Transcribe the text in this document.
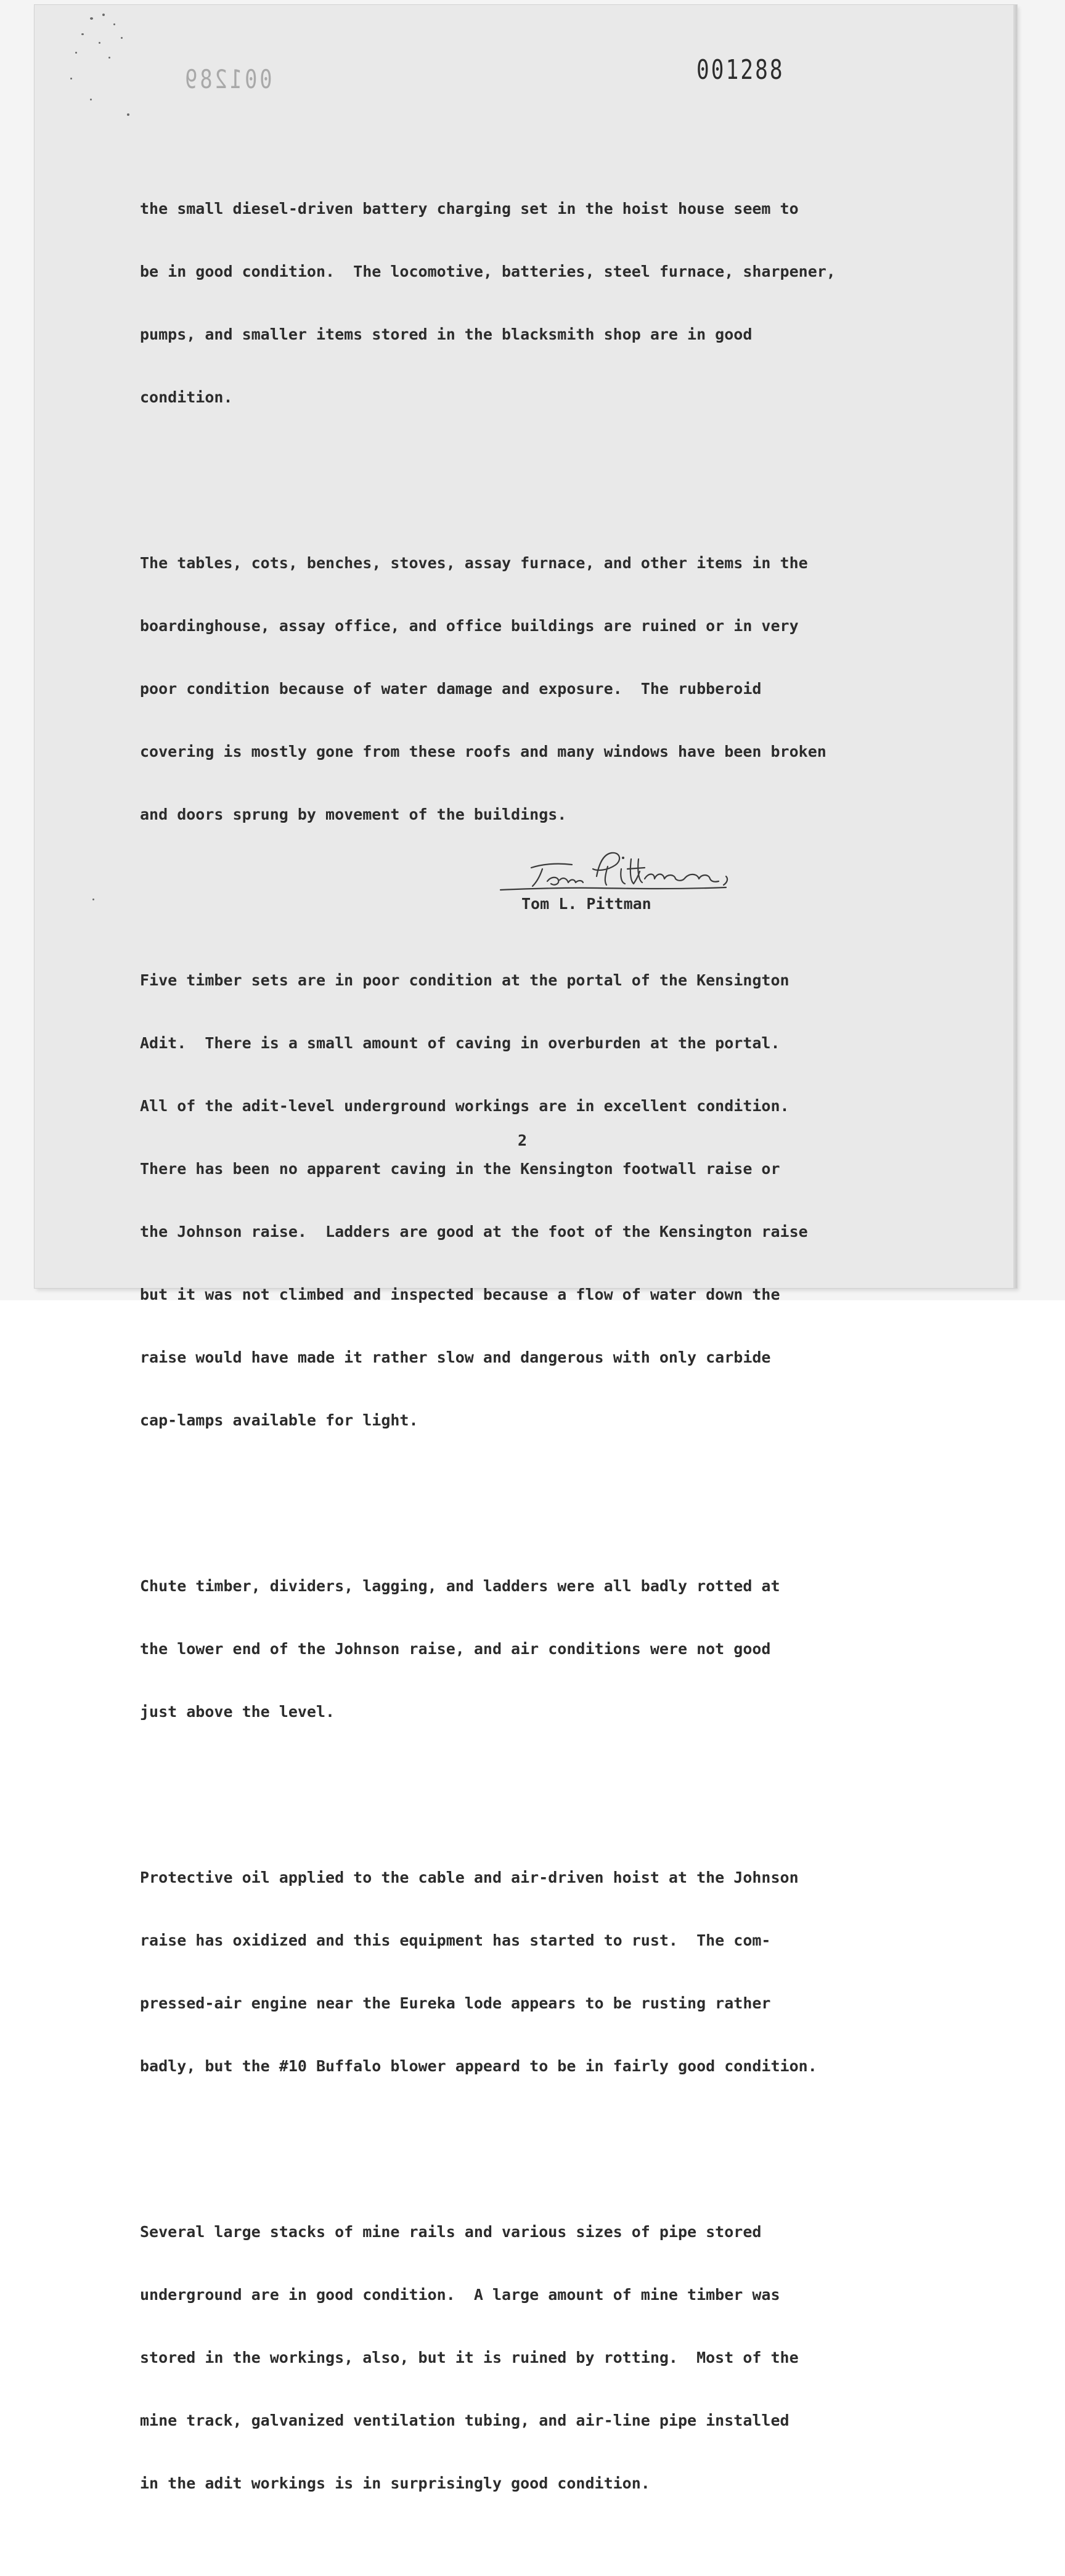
001289	001288

the small diesel-driven battery charging set in the hoist house seem to

be in good condition.  The locomotive, batteries, steel furnace, sharpener,

pumps, and smaller items stored in the blacksmith shop are in good

condition.

The tables, cots, benches, stoves, assay furnace, and other items in the

boardinghouse, assay office, and office buildings are ruined or in very

poor condition because of water damage and exposure.  The rubberoid

covering is mostly gone from these roofs and many windows have been broken

and doors sprung by movement of the buildings.

Five timber sets are in poor condition at the portal of the Kensington

Adit.  There is a small amount of caving in overburden at the portal.

All of the adit-level underground workings are in excellent condition.

There has been no apparent caving in the Kensington footwall raise or

the Johnson raise.  Ladders are good at the foot of the Kensington raise

but it was not climbed and inspected because a flow of water down the

raise would have made it rather slow and dangerous with only carbide

cap-lamps available for light.

Chute timber, dividers, lagging, and ladders were all badly rotted at

the lower end of the Johnson raise, and air conditions were not good

just above the level.

Protective oil applied to the cable and air-driven hoist at the Johnson

raise has oxidized and this equipment has started to rust.  The com-

pressed-air engine near the Eureka lode appears to be rusting rather

badly, but the #10 Buffalo blower appeard to be in fairly good condition.

Several large stacks of mine rails and various sizes of pipe stored

underground are in good condition.  A large amount of mine timber was

stored in the workings, also, but it is ruined by rotting.  Most of the

mine track, galvanized ventilation tubing, and air-line pipe installed

in the adit workings is in surprisingly good condition.

Tom L. Pittman
2
